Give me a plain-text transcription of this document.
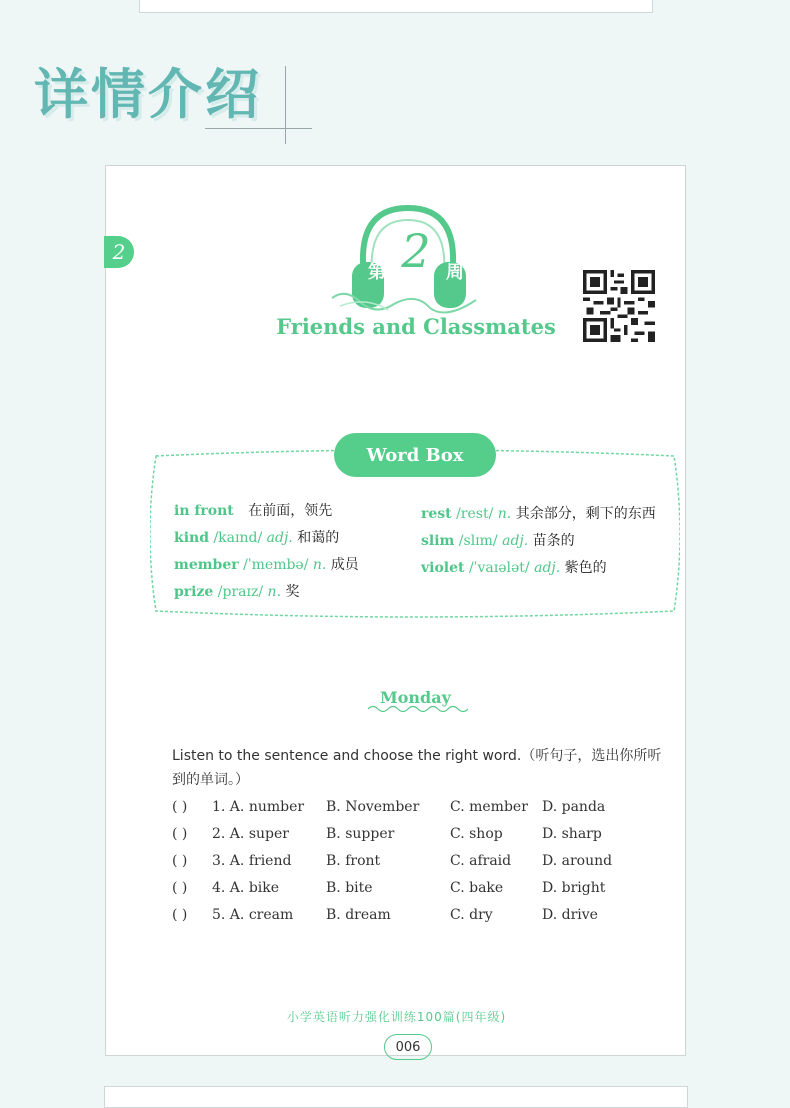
详情介绍
2
第 2 周
Friends and Classmates
Word Box
in front 在前面，领先
kind /kaɪnd/ adj. 和蔼的
member /ˈmembə/ n. 成员
prize /praɪz/ n. 奖
rest /rest/ n. 其余部分，剩下的东西
slim /slɪm/ adj. 苗条的
violet /ˈvaɪələt/ adj. 紫色的
Monday
Listen to the sentence and choose the right word.（听句子，选出你所听到的单词。）
( ) 1. A. number B. November C. member D. panda
( ) 2. A. super	B. supper	C. shop	D. sharp
( ) 3. A. friend B. front	C. afraid D. around
( ) 4. A. bike	B. bite	C. bake	D. bright
( ) 5. A. cream B. dream	C. dry	D. drive
小学英语听力强化训练100篇(四年级)
006
